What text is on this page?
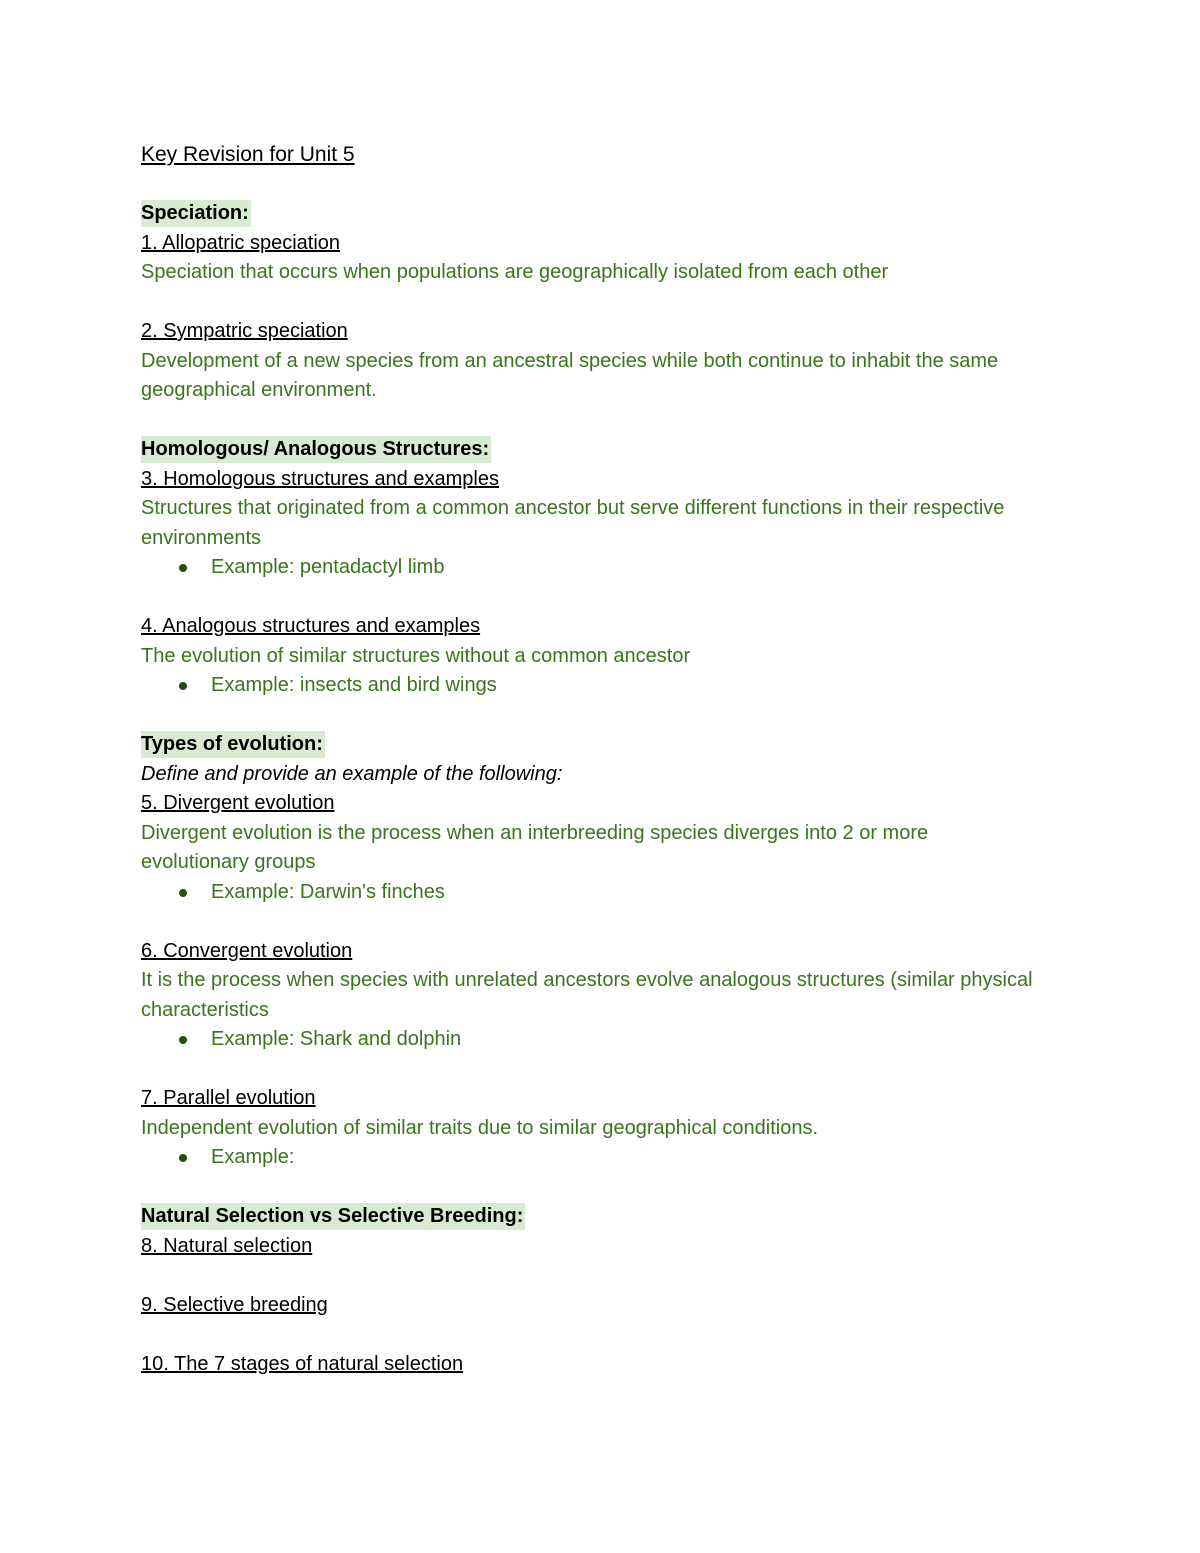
Key Revision for Unit 5

Speciation:

1. Allopatric speciation

Speciation that occurs when populations are geographically isolated from each other

2. Sympatric speciation

Development of a new species from an ancestral species while both continue to inhabit the same geographical environment.

Homologous/ Analogous Structures:

3. Homologous structures and examples

Structures that originated from a common ancestor but serve different functions in their respective environments

Example: pentadactyl limb

4. Analogous structures and examples

The evolution of similar structures without a common ancestor

Example: insects and bird wings

Types of evolution:

Define and provide an example of the following:

5. Divergent evolution

Divergent evolution is the process when an interbreeding species diverges into 2 or more evolutionary groups

Example: Darwin's finches

6. Convergent evolution

It is the process when species with unrelated ancestors evolve analogous structures (similar physical characteristics

Example: Shark and dolphin

7. Parallel evolution

Independent evolution of similar traits due to similar geographical conditions.

Example:

Natural Selection vs Selective Breeding:

8. Natural selection

9. Selective breeding

10. The 7 stages of natural selection
